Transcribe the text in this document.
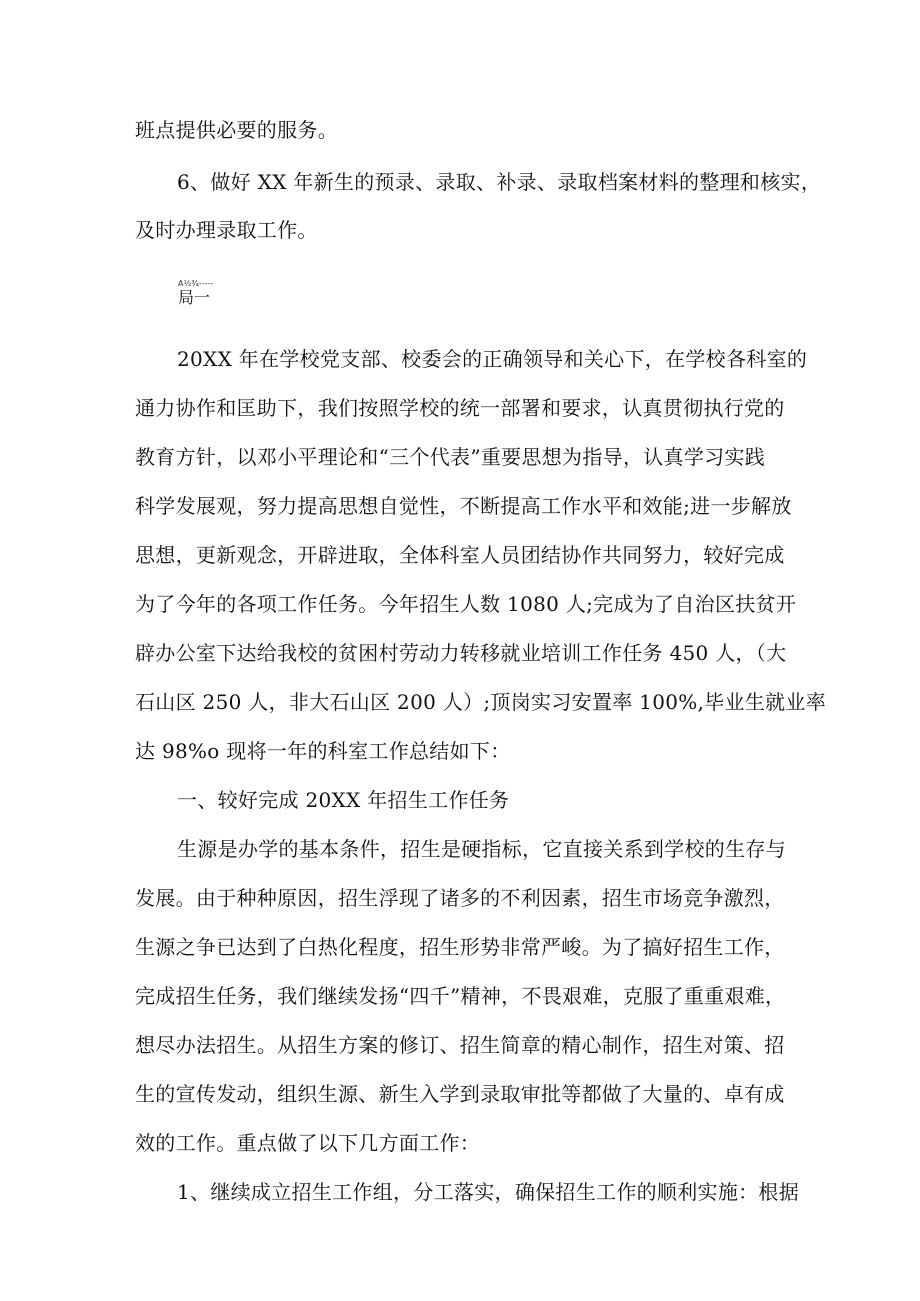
班点提供必要的服务。
6、做好 XX 年新生的预录、录取、补录、录取档案材料的整理和核实，
及时办理录取工作。
A½¾-----
局一
20XX 年在学校党支部、校委会的正确领导和关心下，在学校各科室的
通力协作和匡助下，我们按照学校的统一部署和要求，认真贯彻执行党的
教育方针，以邓小平理论和“三个代表”重要思想为指导，认真学习实践
科学发展观，努力提高思想自觉性，不断提高工作水平和效能;进一步解放
思想，更新观念，开辟进取，全体科室人员团结协作共同努力，较好完成
为了今年的各项工作任务。今年招生人数 1080 人;完成为了自治区扶贫开
辟办公室下达给我校的贫困村劳动力转移就业培训工作任务 450 人，（大
石山区 250 人，非大石山区 200 人）;顶岗实习安置率 100%,毕业生就业率
达 98%o 现将一年的科室工作总结如下：
一、较好完成 20XX 年招生工作任务
生源是办学的基本条件，招生是硬指标，它直接关系到学校的生存与
发展。由于种种原因，招生浮现了诸多的不利因素，招生市场竞争激烈，
生源之争已达到了白热化程度，招生形势非常严峻。为了搞好招生工作，
完成招生任务，我们继续发扬“四千”精神，不畏艰难，克服了重重艰难，
想尽办法招生。从招生方案的修订、招生简章的精心制作，招生对策、招
生的宣传发动，组织生源、新生入学到录取审批等都做了大量的、卓有成
效的工作。重点做了以下几方面工作：
1、继续成立招生工作组，分工落实，确保招生工作的顺利实施：根据
